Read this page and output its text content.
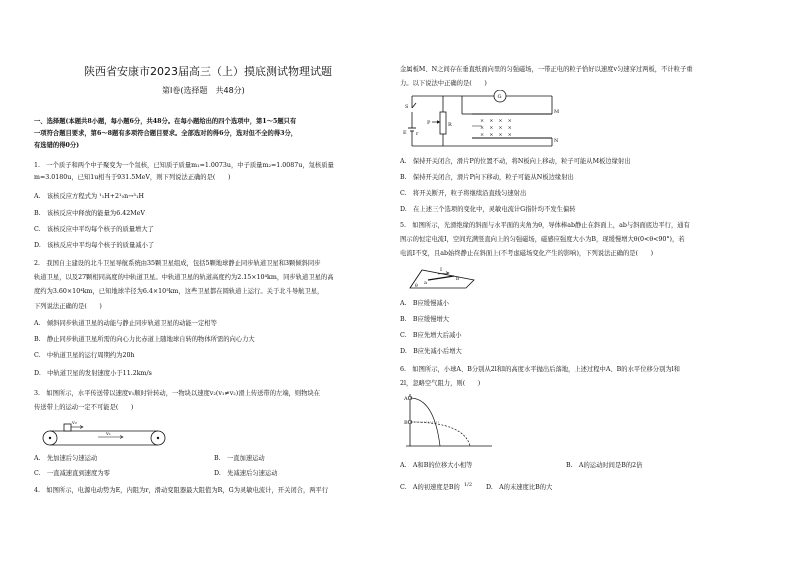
陕西省安康市2023届高三（上）摸底测试物理试题
第Ⅰ卷(选择题　共48分)
一、选择题(本题共8小题，每小题6分，共48分。在每小题给出的四个选项中，第1～5题只有
一项符合题目要求，第6～8题有多项符合题目要求。全部选对的得6分，选对但不全的得3分，
有选错的得0分)
1.　一个质子和两个中子聚变为一个氚核，已知质子质量m₁=1.0073u，中子质量m₂=1.0087u，氚核质量
m=3.0180u，已知1u相当于931.5MeV，则下列说法正确的是(　　)
A.　该核反应方程式为 ¹₁H+2¹₀n→³₁H
B.　该核反应中释放的能量为6.42MeV
C.　该核反应中平均每个核子的质量增大了
D.　该核反应中平均每个核子的质量减小了
2.　我国自主建设的北斗卫星导航系统由35颗卫星组成，包括5颗地球静止同步轨道卫星和3颗倾斜同步
轨道卫星，以及27颗相同高度的中轨道卫星。中轨道卫星的轨道高度约为2.15×10⁴km，同步轨道卫星的高
度约为3.60×10⁴km，已知地球半径为6.4×10³km，这些卫星都在圆轨道上运行。关于北斗导航卫星，
下列说法正确的是(　　)
A.　倾斜同步轨道卫星的动能与静止同步轨道卫星的动能一定相等
B.　静止同步轨道卫星所需的向心力比赤道上随地球自转的物体所需的向心力大
C.　中轨道卫星的运行周期约为20h
D.　中轨道卫星的发射速度小于11.2km/s
3.　如图所示，水平传送带以速度v₁顺时针转动，一物块以速度v₂(v₁≠v₂)滑上传送带的左端，则物块在
传送带上的运动一定不可能是(　　)
v₂
v₁
A.　先加速后匀速运动	B.　一直加速运动
C.　一直减速直到速度为零	D.　先减速后匀速运动
4.　如图所示，电源电动势为E，内阻为r，滑动变阻器最大阻值为R，G为灵敏电流计，开关闭合，两平行
金属板M、N之间存在垂直纸面向里的匀强磁场，一带正电的粒子恰好以速度v匀速穿过两板，不计粒子重
力。以下说法中正确的是(　　)
S
E r
G
P	R
M
N
×　×　×　×
×　×　×　×
×　×　×　×
A.　保持开关闭合，滑片P的位置不动，将N板向上移动，粒子可能从M板边缘射出
B.　保持开关闭合，滑片P向下移动，粒子可能从N板边缘射出
C.　将开关断开，粒子将继续沿直线匀速射出
D.　在上述三个选项的变化中，灵敏电流计G指针均不发生偏转
5.　如图所示，光滑绝缘的斜面与水平面的夹角为θ，导体棒ab静止在斜面上，ab与斜面底边平行，通有
图示的恒定电流I，空间充满竖直向上的匀强磁场，磁感应强度大小为B，现缓慢增大θ(0<θ<90°)，若
电流I不变，且ab始终静止在斜面上(不考虑磁场变化产生的影响)，下列说法正确的是(　　)
I
a
b
θ
A.　B应缓慢减小
B.　B应缓慢增大
C.　B应先增大后减小
D.　B应先减小后增大
6.　如图所示，小球A、B分别从2l和l的高度水平抛出后落地，上述过程中A、B的水平位移分别为l和
2l，忽略空气阻力，则(　　)
A
B
A.　A和B的位移大小相等	B.　A的运动时间是B的2倍
C.　A的初速度是B的 1/2 D.　A的末速度比B的大
